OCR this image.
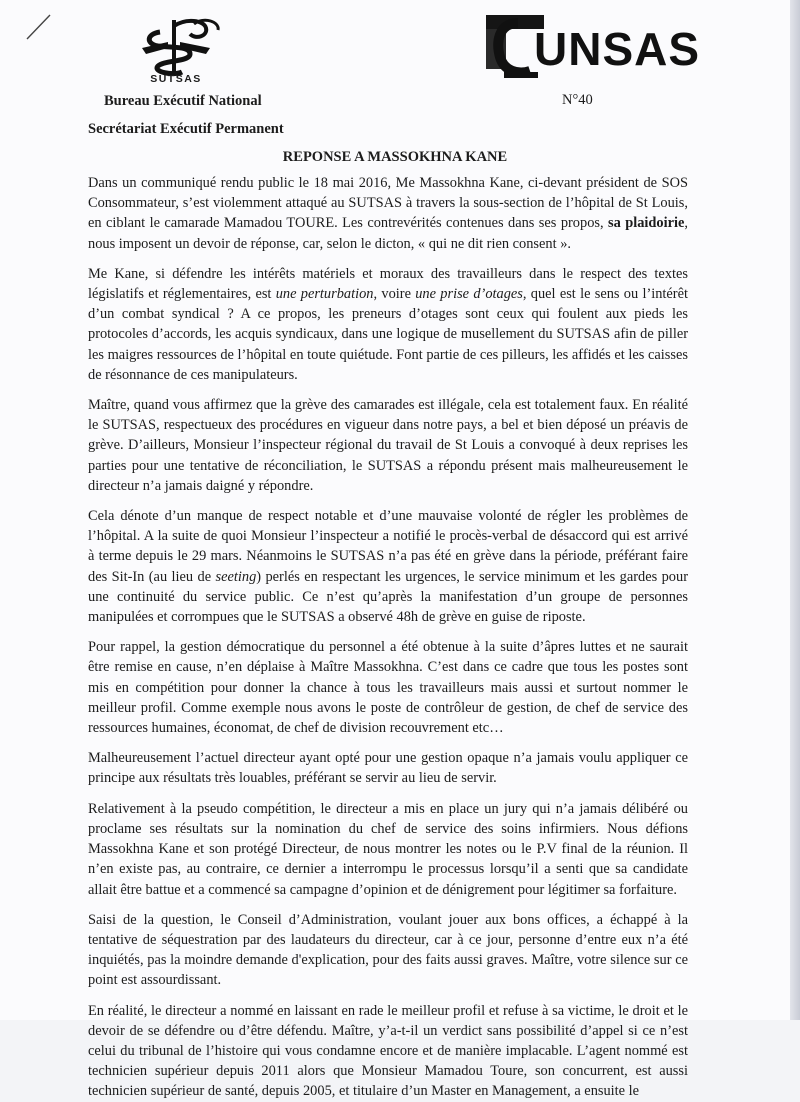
SUTSAS
Bureau Exécutif National
Secrétariat Exécutif Permanent
UNSAS
N°40
REPONSE A MASSOKHNA KANE

Dans un communiqué rendu public le 18 mai 2016, Me Massokhna Kane, ci-devant président de SOS Consommateur, s’est violemment attaqué au SUTSAS à travers la sous-section de l’hôpital de St Louis, en ciblant le camarade Mamadou TOURE. Les contrevérités contenues dans ses propos, sa plaidoirie, nous imposent un devoir de réponse, car, selon le dicton, « qui ne dit rien consent ».

Me Kane, si défendre les intérêts matériels et moraux des travailleurs dans le respect des textes législatifs et réglementaires, est une perturbation, voire une prise d’otages, quel est le sens ou l’intérêt d’un combat syndical ? A ce propos, les preneurs d’otages sont ceux qui foulent aux pieds les protocoles d’accords, les acquis syndicaux, dans une logique de musellement du SUTSAS afin de piller les maigres ressources de l’hôpital en toute quiétude. Font partie de ces pilleurs, les affidés et les caisses de résonnance de ces manipulateurs.

Maître, quand vous affirmez que la grève des camarades est illégale, cela est totalement faux. En réalité le SUTSAS, respectueux des procédures en vigueur dans notre pays, a bel et bien déposé un préavis de grève. D’ailleurs, Monsieur l’inspecteur régional du travail de St Louis a convoqué à deux reprises les parties pour une tentative de réconciliation, le SUTSAS a répondu présent mais malheureusement le directeur n’a jamais daigné y répondre.

Cela dénote d’un manque de respect notable et d’une mauvaise volonté de régler les problèmes de l’hôpital. A la suite de quoi Monsieur l’inspecteur a notifié le procès-verbal de désaccord qui est arrivé à terme depuis le 29 mars. Néanmoins le SUTSAS n’a pas été en grève dans la période, préférant faire des Sit-In (au lieu de seeting) perlés en respectant les urgences, le service minimum et les gardes pour une continuité du service public. Ce n’est qu’après la manifestation d’un groupe de personnes manipulées et corrompues que le SUTSAS a observé 48h de grève en guise de riposte.

Pour rappel, la gestion démocratique du personnel a été obtenue à la suite d’âpres luttes et ne saurait être remise en cause, n’en déplaise à Maître Massokhna. C’est dans ce cadre que tous les postes sont mis en compétition pour donner la chance à tous les travailleurs mais aussi et surtout nommer le meilleur profil. Comme exemple nous avons le poste de contrôleur de gestion, de chef de service des ressources humaines, économat, de chef de division recouvrement etc…

Malheureusement l’actuel directeur ayant opté pour une gestion opaque n’a jamais voulu appliquer ce principe aux résultats très louables, préférant se servir au lieu de servir.

Relativement à la pseudo compétition, le directeur a mis en place un jury qui n’a jamais délibéré ou proclame ses résultats sur la nomination du chef de service des soins infirmiers. Nous défions Massokhna Kane et son protégé Directeur, de nous montrer les notes ou le P.V final de la réunion. Il n’en existe pas, au contraire, ce dernier a interrompu le processus lorsqu’il a senti que sa candidate allait être battue et a commencé sa campagne d’opinion et de dénigrement pour légitimer sa forfaiture.

Saisi de la question, le Conseil d’Administration, voulant jouer aux bons offices, a échappé à la tentative de séquestration par des laudateurs du directeur, car à ce jour, personne d’entre eux n’a été inquiétés, pas la moindre demande d'explication, pour des faits aussi graves. Maître, votre silence sur ce point est assourdissant.

En réalité, le directeur a nommé en laissant en rade le meilleur profil et refuse à sa victime, le droit et le devoir de se défendre ou d’être défendu. Maître, y’a-t-il un verdict sans possibilité d’appel si ce n’est celui du tribunal de l’histoire qui vous condamne encore et de manière implacable. L’agent nommé est technicien supérieur depuis 2011 alors que Monsieur Mamadou Toure, son concurrent, est aussi technicien supérieur de santé, depuis 2005, et titulaire d’un Master en Management, a ensuite le
